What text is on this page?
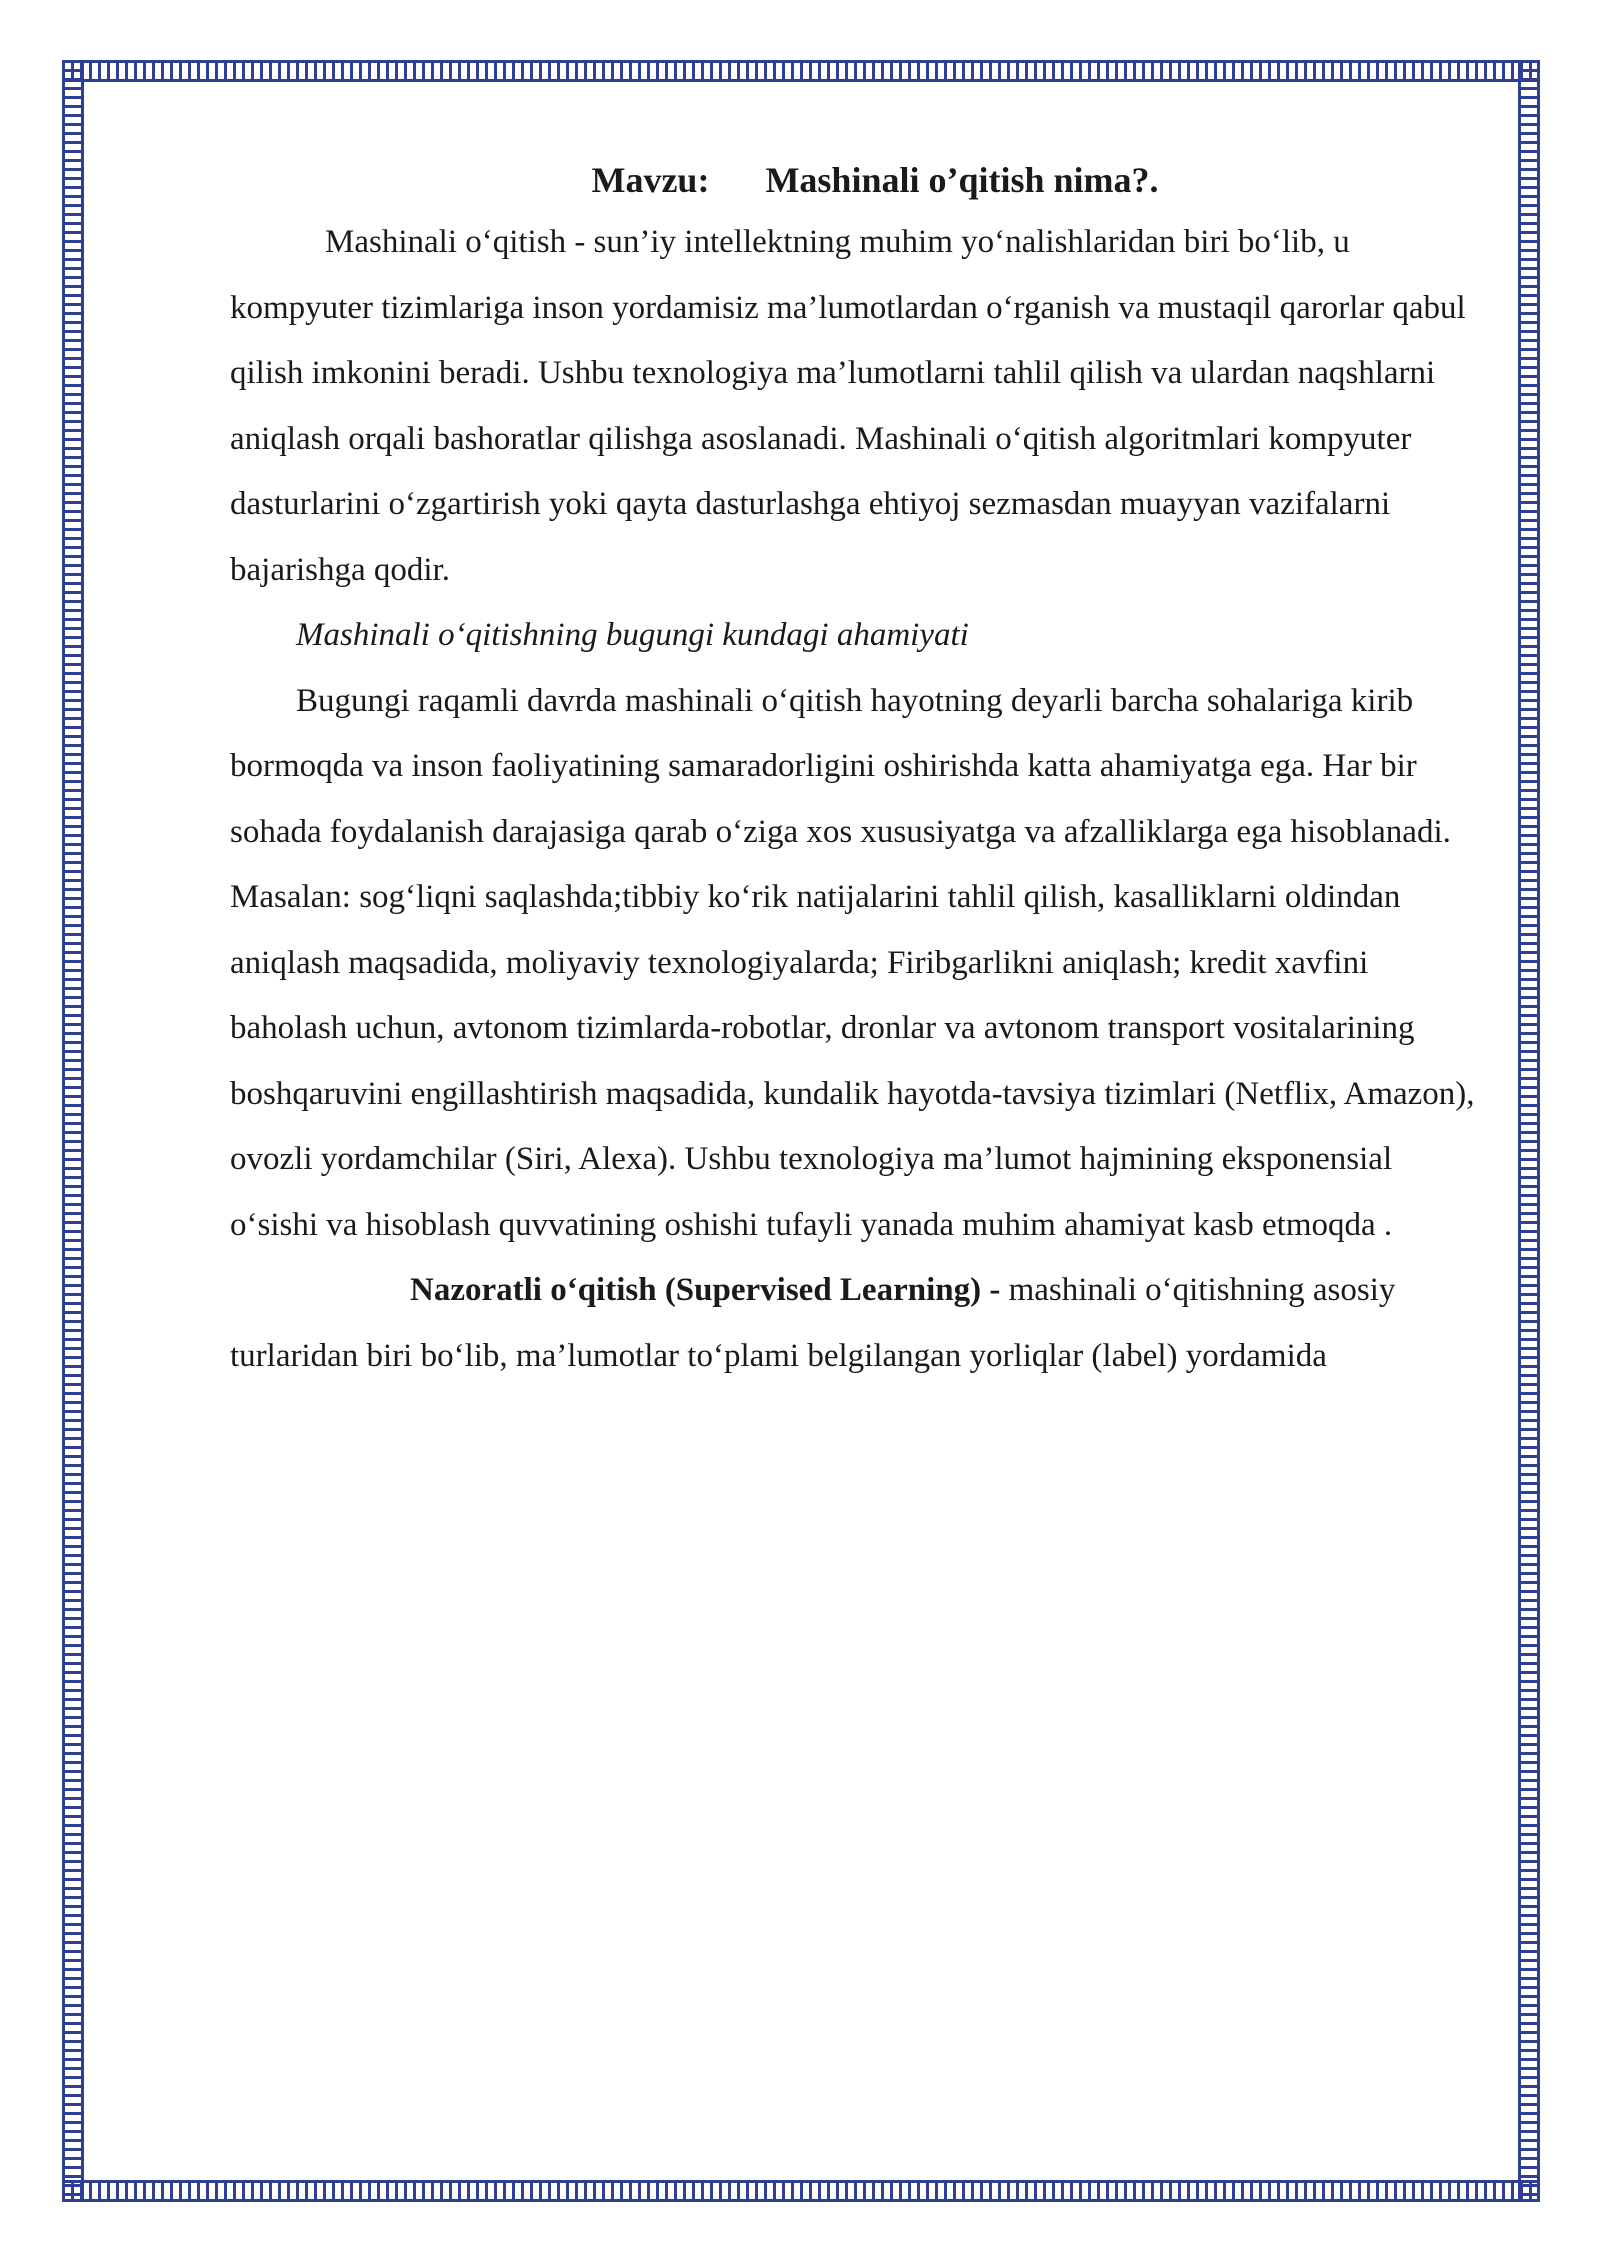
Mavzu: Mashinali o’qitish nima?.

Mashinali o‘qitish - sun’iy intellektning muhim yo‘nalishlaridan biri bo‘lib, u kompyuter tizimlariga inson yordamisiz ma’lumotlardan o‘rganish va mustaqil qarorlar qabul qilish imkonini beradi. Ushbu texnologiya ma’lumotlarni tahlil qilish va ulardan naqshlarni aniqlash orqali bashoratlar qilishga asoslanadi. Mashinali o‘qitish algoritmlari kompyuter dasturlarini o‘zgartirish yoki qayta dasturlashga ehtiyoj sezmasdan muayyan vazifalarni bajarishga qodir.

Mashinali o‘qitishning bugungi kundagi ahamiyati

Bugungi raqamli davrda mashinali o‘qitish hayotning deyarli barcha sohalariga kirib bormoqda va inson faoliyatining samaradorligini oshirishda katta ahamiyatga ega. Har bir sohada foydalanish darajasiga qarab o‘ziga xos xususiyatga va afzalliklarga ega hisoblanadi. Masalan: sog‘liqni saqlashda;tibbiy ko‘rik natijalarini tahlil qilish, kasalliklarni oldindan aniqlash maqsadida, moliyaviy texnologiyalarda; Firibgarlikni aniqlash; kredit xavfini baholash uchun, avtonom tizimlarda-robotlar, dronlar va avtonom transport vositalarining boshqaruvini engillashtirish maqsadida, kundalik hayotda-tavsiya tizimlari (Netflix, Amazon), ovozli yordamchilar (Siri, Alexa). Ushbu texnologiya ma’lumot hajmining eksponensial o‘sishi va hisoblash quvvatining oshishi tufayli yanada muhim ahamiyat kasb etmoqda .

Nazoratli o‘qitish (Supervised Learning) - mashinali o‘qitishning asosiy turlaridan biri bo‘lib, ma’lumotlar to‘plami belgilangan yorliqlar (label) yordamida
